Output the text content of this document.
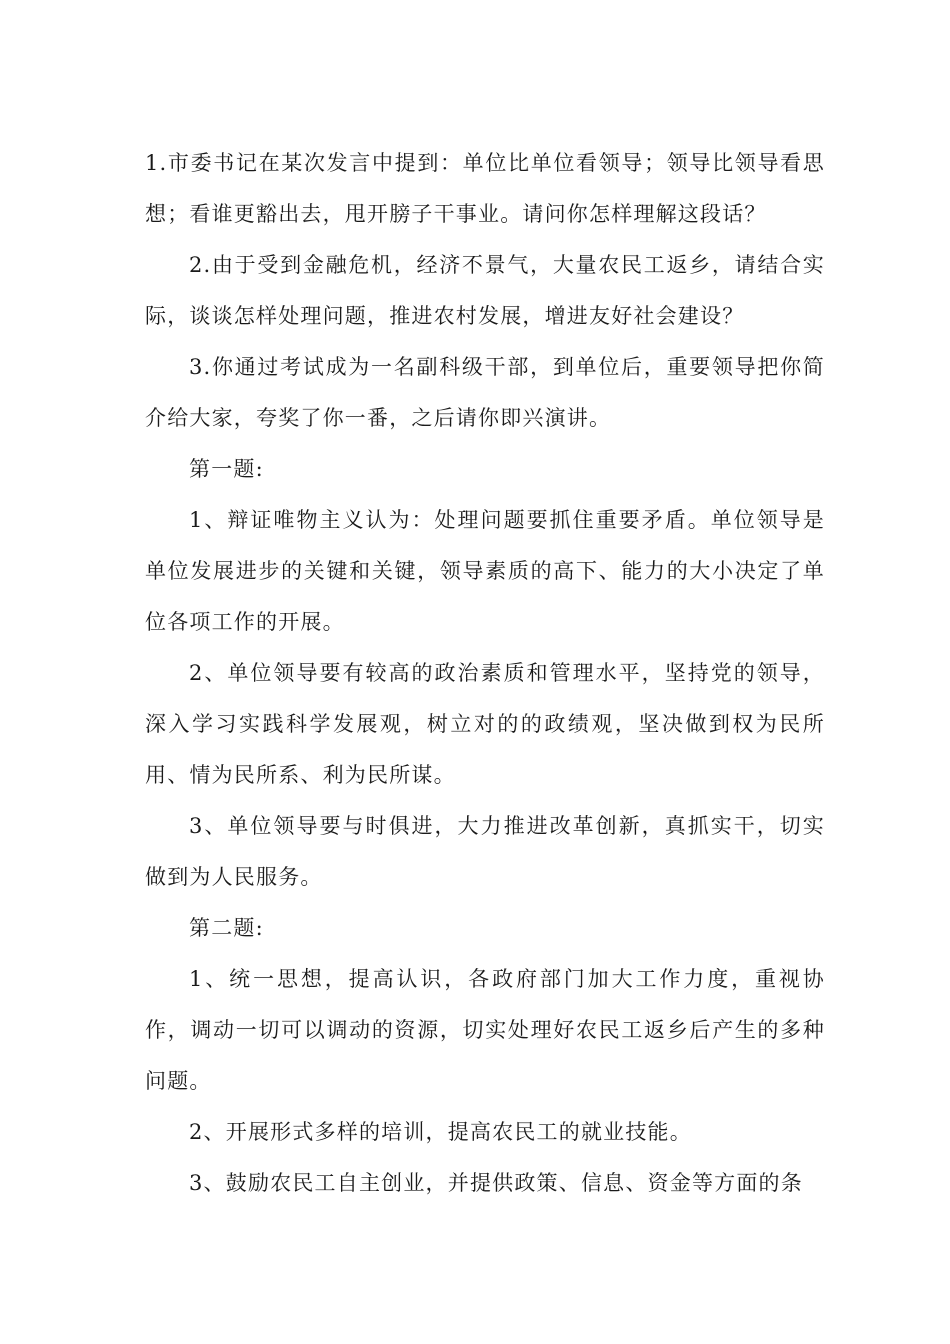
1.市委书记在某次发言中提到：单位比单位看领导；领导比领导看思想；看谁更豁出去，甩开膀子干事业。请问你怎样理解这段话？

2.由于受到金融危机，经济不景气，大量农民工返乡，请结合实际，谈谈怎样处理问题，推进农村发展，增进友好社会建设？

3.你通过考试成为一名副科级干部，到单位后，重要领导把你简介给大家，夸奖了你一番，之后请你即兴演讲。

第一题:

1、辩证唯物主义认为：处理问题要抓住重要矛盾。单位领导是单位发展进步的关键和关键，领导素质的高下、能力的大小决定了单位各项工作的开展。

2、单位领导要有较高的政治素质和管理水平，坚持党的领导，深入学习实践科学发展观，树立对的的政绩观，坚决做到权为民所用、情为民所系、利为民所谋。

3、单位领导要与时俱进，大力推进改革创新，真抓实干，切实做到为人民服务。

第二题:

1、统一思想，提高认识，各政府部门加大工作力度，重视协作，调动一切可以调动的资源，切实处理好农民工返乡后产生的多种问题。

2、开展形式多样的培训，提高农民工的就业技能。

3、鼓励农民工自主创业，并提供政策、信息、资金等方面的条
